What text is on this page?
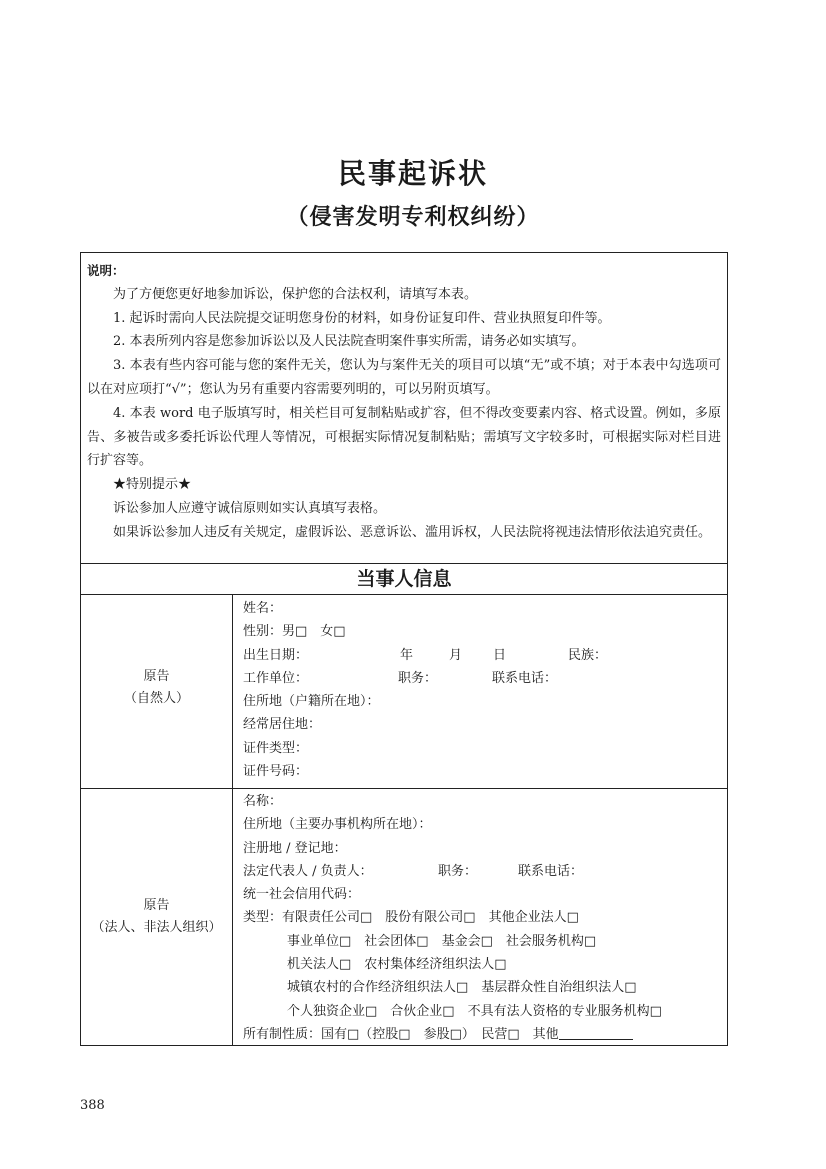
民事起诉状
（侵害发明专利权纠纷）

说明：

为了方便您更好地参加诉讼，保护您的合法权利，请填写本表。

1. 起诉时需向人民法院提交证明您身份的材料，如身份证复印件、营业执照复印件等。

2. 本表所列内容是您参加诉讼以及人民法院查明案件事实所需，请务必如实填写。

3. 本表有些内容可能与您的案件无关，您认为与案件无关的项目可以填“无”或不填；对于本表中勾选项可以在对应项打“√”；您认为另有重要内容需要列明的，可以另附页填写。

4. 本表 word 电子版填写时，相关栏目可复制粘贴或扩容，但不得改变要素内容、格式设置。例如，多原告、多被告或多委托诉讼代理人等情况，可根据实际情况复制粘贴；需填写文字较多时，可根据实际对栏目进行扩容等。

★特别提示★

诉讼参加人应遵守诚信原则如实认真填写表格。

如果诉讼参加人违反有关规定，虚假诉讼、恶意诉讼、滥用诉权，人民法院将视违法情形依法追究责任。

当事人信息
原告
（自然人）
姓名：
性别：男□　女□
出生日期：	年	月 日	民族：
工作单位：	职务：	联系电话：
住所地（户籍所在地）：
经常居住地：
证件类型：
证件号码：
原告
（法人、非法人组织）
名称：
住所地（主要办事机构所在地）：
注册地 / 登记地：
法定代表人 / 负责人：	职务：	联系电话：
统一社会信用代码：
类型：有限责任公司□　股份有限公司□　其他企业法人□
事业单位□　社会团体□　基金会□　社会服务机构□
机关法人□　农村集体经济组织法人□
城镇农村的合作经济组织法人□　基层群众性自治组织法人□
个人独资企业□　合伙企业□　不具有法人资格的专业服务机构□
所有制性质：国有□（控股□　参股□）　民营□　其他
388
